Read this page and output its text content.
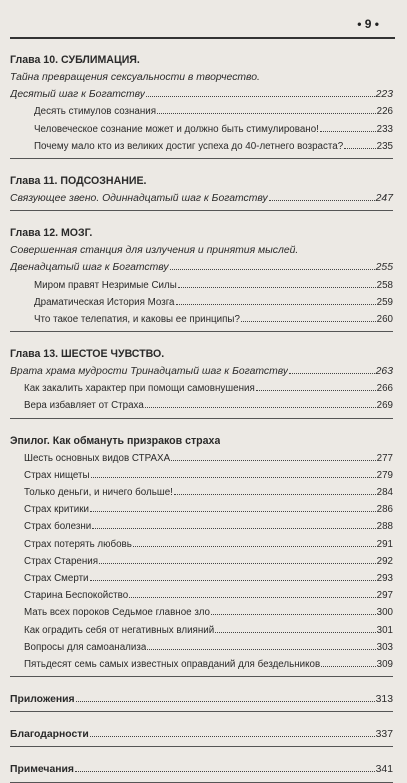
• 9 •
Глава 10. СУБЛИМАЦИЯ.
Тайна превращения сексуальности в творчество.
Десятый шаг к Богатству	223
Десять стимулов сознания	226
Человеческое сознание может и должно быть стимулировано!	233
Почему мало кто из великих достиг успеха до 40-летнего возраста?	235
Глава 11. ПОДСОЗНАНИЕ.
Связующее звено. Одиннадцатый шаг к Богатству	247
Глава 12. МОЗГ.
Совершенная станция для излучения и принятия мыслей.
Двенадцатый шаг к Богатству	255
Миром правят Незримые Силы	258
Драматическая История Мозга	259
Что такое телепатия, и каковы ее принципы?	260
Глава 13. ШЕСТОЕ ЧУВСТВО.
Врата храма мудрости Тринадцатый шаг к Богатству	263
Как закалить характер при помощи самовнушения	266
Вера избавляет от Страха	269
Эпилог. Как обмануть призраков страха
Шесть основных видов СТРАХА	277
Страх нищеты	279
Только деньги, и ничего больше!	284
Страх критики	286
Страх болезни	288
Страх потерять любовь	291
Страх Старения	292
Страх Смерти	293
Старина Беспокойство	297
Мать всех пороков Седьмое главное зло	300
Как оградить себя от негативных влияний	301
Вопросы для самоанализа	303
Пятьдесят семь самых известных оправданий для бездельников	309
Приложения	313
Благодарности	337
Примечания	341
